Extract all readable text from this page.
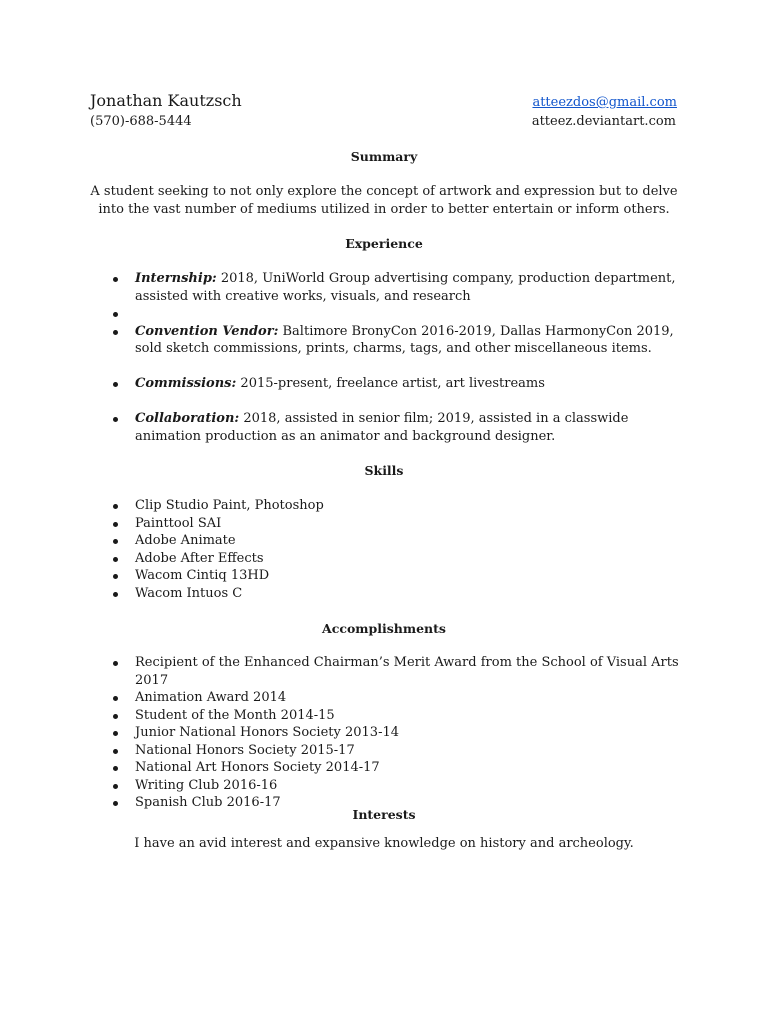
Jonathan Kautzsch
(570)-688-5444
atteezdos@gmail.com
atteez.deviantart.com
Summary

A student seeking to not only explore the concept of artwork and expression but to delve into the vast number of mediums utilized in order to better entertain or inform others.

Experience
Internship: 2018, UniWorld Group advertising company, production department, assisted with creative works, visuals, and research
Convention Vendor: Baltimore BronyCon 2016-2019, Dallas HarmonyCon 2019, sold sketch commissions, prints, charms, tags, and other miscellaneous items.
Commissions: 2015-present, freelance artist, art livestreams
Collaboration: 2018, assisted in senior film; 2019, assisted in a classwide animation production as an animator and background designer.
Skills
Clip Studio Paint, Photoshop
Painttool SAI
Adobe Animate
Adobe After Effects
Wacom Cintiq 13HD
Wacom Intuos C
Accomplishments
Recipient of the Enhanced Chairman’s Merit Award from the School of Visual Arts 2017
Animation Award 2014
Student of the Month 2014-15
Junior National Honors Society 2013-14
National Honors Society 2015-17
National Art Honors Society 2014-17
Writing Club 2016-16
Spanish Club 2016-17
Interests

I have an avid interest and expansive knowledge on history and archeology.
